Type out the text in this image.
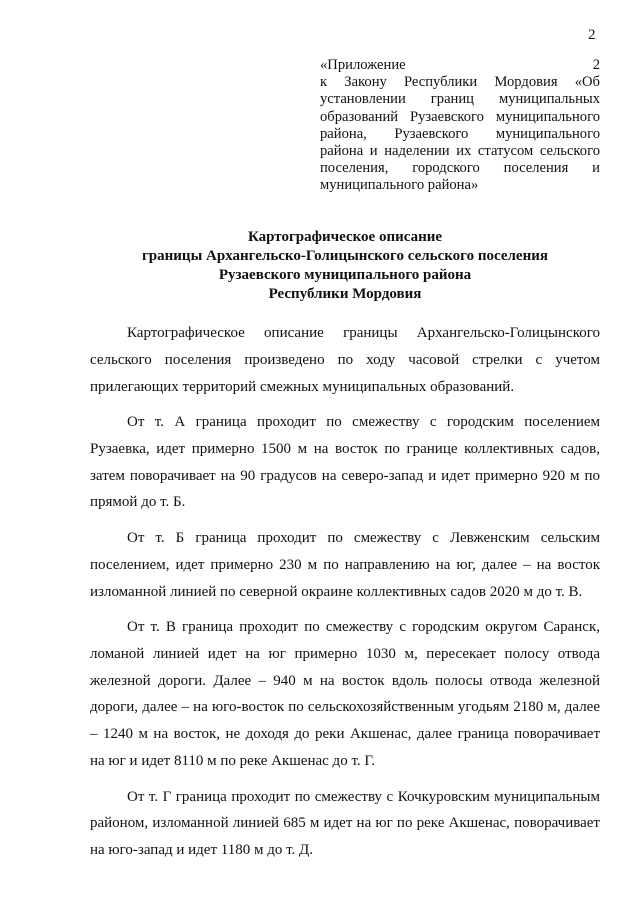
2
«Приложение 2
к Закону Республики Мордовия «Об
установлении границ муниципальных
образований Рузаевского муниципального
района, Рузаевского муниципального
района и наделении их статусом сельского
поселения, городского поселения и
муниципального района»
Картографическое описание
границы Архангельско-Голицынского сельского поселения
Рузаевского муниципального района
Республики Мордовия
Картографическое описание границы Архангельско-Голицынского
сельского поселения произведено по ходу часовой стрелки с учетом
прилегающих территорий смежных муниципальных образований.
От т. А граница проходит по смежеству с городским поселением
Рузаевка, идет примерно 1500 м на восток по границе коллективных садов,
затем поворачивает на 90 градусов на северо-запад и идет примерно 920 м по
прямой до т. Б.
От т. Б граница проходит по смежеству с Левженским сельским
поселением, идет примерно 230 м по направлению на юг, далее – на восток
изломанной линией по северной окраине коллективных садов 2020 м до т. В.
От т. В граница проходит по смежеству с городским округом Саранск,
ломаной линией идет на юг примерно 1030 м, пересекает полосу отвода
железной дороги. Далее – 940 м на восток вдоль полосы отвода железной
дороги, далее – на юго-восток по сельскохозяйственным угодьям 2180 м, далее
– 1240 м на восток, не доходя до реки Акшенас, далее граница поворачивает
на юг и идет 8110 м по реке Акшенас до т. Г.
От т. Г граница проходит по смежеству с Кочкуровским муниципальным
районом, изломанной линией 685 м идет на юг по реке Акшенас, поворачивает
на юго-запад и идет 1180 м до т. Д.
